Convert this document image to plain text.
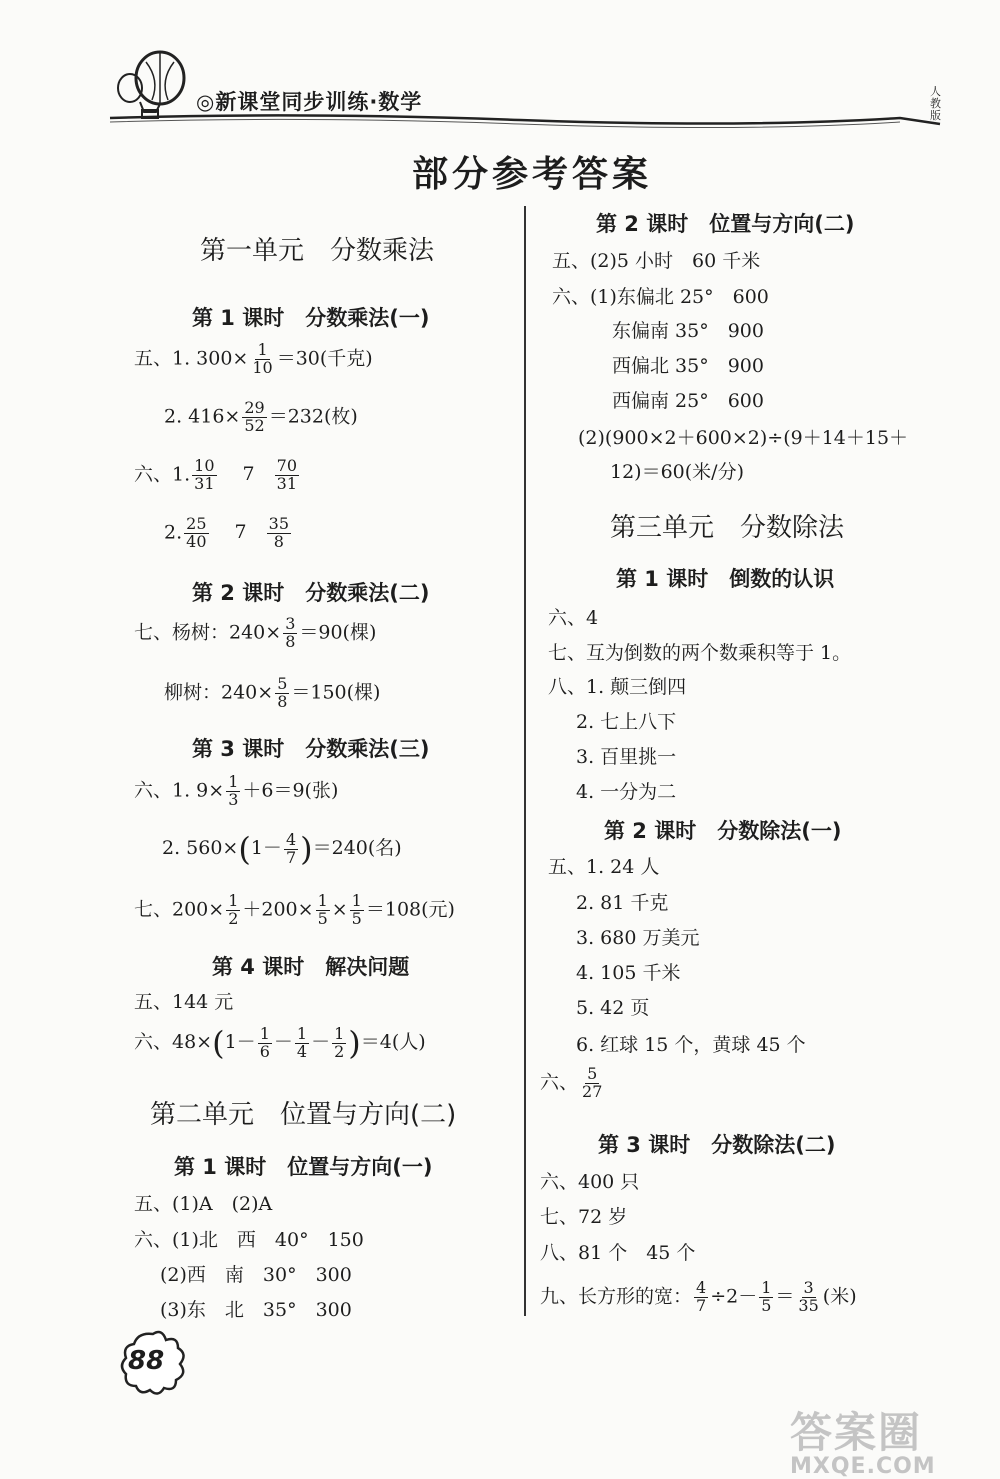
◎新课堂同步训练·数学	人教版
部分参考答案
第一单元　分数乘法
第 1 课时　分数乘法(一)
五、1. $300\times \frac{1}{10} =30$(千克)
2. $416\times \frac{29}{52} =232$(枚)
六、1. $\frac{10}{31} 7 \frac{70}{31}$
2. $\frac{25}{40} 7 \frac{35}{8}$
第 2 课时　分数乘法(二)
七、杨树：$240\times \frac{3}{8} =90$(棵)
柳树：$240\times \frac{5}{8} =150$(棵)
第 3 课时　分数乘法(三)
六、1. $9\times \frac{1}{3} +6=9$(张)
2. $560\times(1- \frac{4}{7} )=240$(名)
七、$200\times \frac{1}{2} +200\times \frac{1}{5} \times \frac{1}{5} =108$(元)
第 4 课时　解决问题
五、144 元
六、$48\times(1- \frac{1}{6} - \frac{1}{4} - \frac{1}{2} )=4$(人)
第二单元　位置与方向(二)
第 1 课时　位置与方向(一)
五、(1)A　(2)A
六、(1)北　西　40°　150
(2)西　南　30°　300
(3)东　北　35°　300
第 2 课时　位置与方向(二)
五、(2)5 小时　60 千米
六、(1)东偏北 25°　600
东偏南 35°　900
西偏北 35°　900
西偏南 25°　600
(2)(900×2＋600×2)÷(9＋14＋15＋
12)＝60(米/分)
第三单元　分数除法
第 1 课时　倒数的认识
六、4
七、互为倒数的两个数乘积等于 1。
八、1. 颠三倒四
2. 七上八下
3. 百里挑一
4. 一分为二
第 2 课时　分数除法(一)
五、1. 24 人
2. 81 千克
3. 680 万美元
4. 105 千米
5. 42 页
6. 红球 15 个，黄球 45 个
六、 $\frac{5}{27}$
第 3 课时　分数除法(二)
六、400 只
七、72 岁
八、81 个　45 个
九、长方形的宽： $\frac{4}{7} \div 2- \frac{1}{5} = \frac{3}{35}$ (米)
88
答案圈
MXQE.COM
